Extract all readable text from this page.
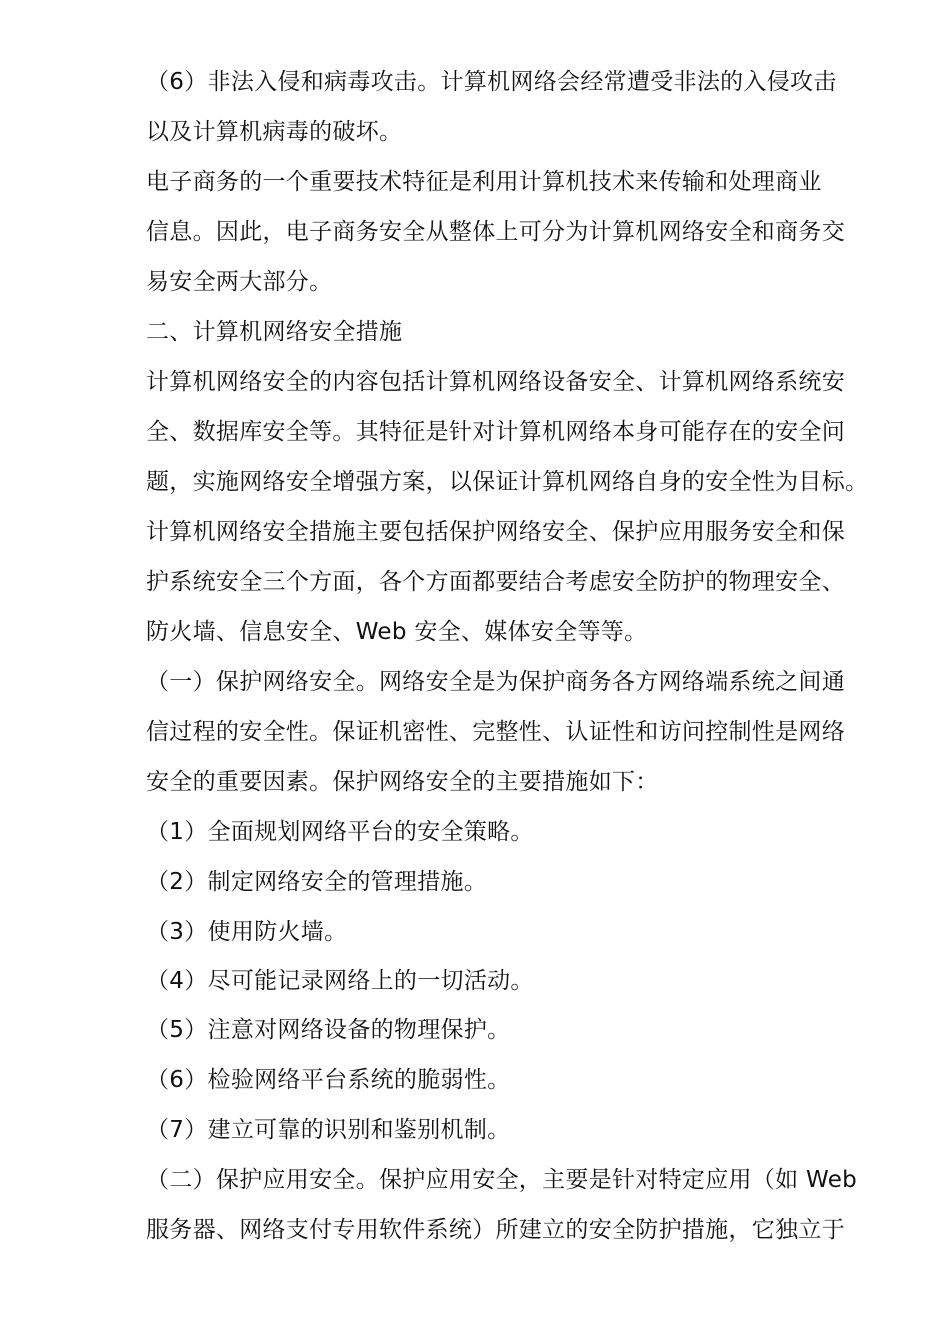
（6）非法入侵和病毒攻击。计算机网络会经常遭受非法的入侵攻击
以及计算机病毒的破坏。
电子商务的一个重要技术特征是利用计算机技术来传输和处理商业
信息。因此，电子商务安全从整体上可分为计算机网络安全和商务交
易安全两大部分。
二、计算机网络安全措施
计算机网络安全的内容包括计算机网络设备安全、计算机网络系统安
全、数据库安全等。其特征是针对计算机网络本身可能存在的安全问
题，实施网络安全增强方案，以保证计算机网络自身的安全性为目标。
计算机网络安全措施主要包括保护网络安全、保护应用服务安全和保
护系统安全三个方面，各个方面都要结合考虑安全防护的物理安全、
防火墙、信息安全、Web 安全、媒体安全等等。
（一）保护网络安全。网络安全是为保护商务各方网络端系统之间通
信过程的安全性。保证机密性、完整性、认证性和访问控制性是网络
安全的重要因素。保护网络安全的主要措施如下：
（1）全面规划网络平台的安全策略。
（2）制定网络安全的管理措施。
（3）使用防火墙。
（4）尽可能记录网络上的一切活动。
（5）注意对网络设备的物理保护。
（6）检验网络平台系统的脆弱性。
（7）建立可靠的识别和鉴别机制。
（二）保护应用安全。保护应用安全，主要是针对特定应用（如 Web
服务器、网络支付专用软件系统）所建立的安全防护措施，它独立于
